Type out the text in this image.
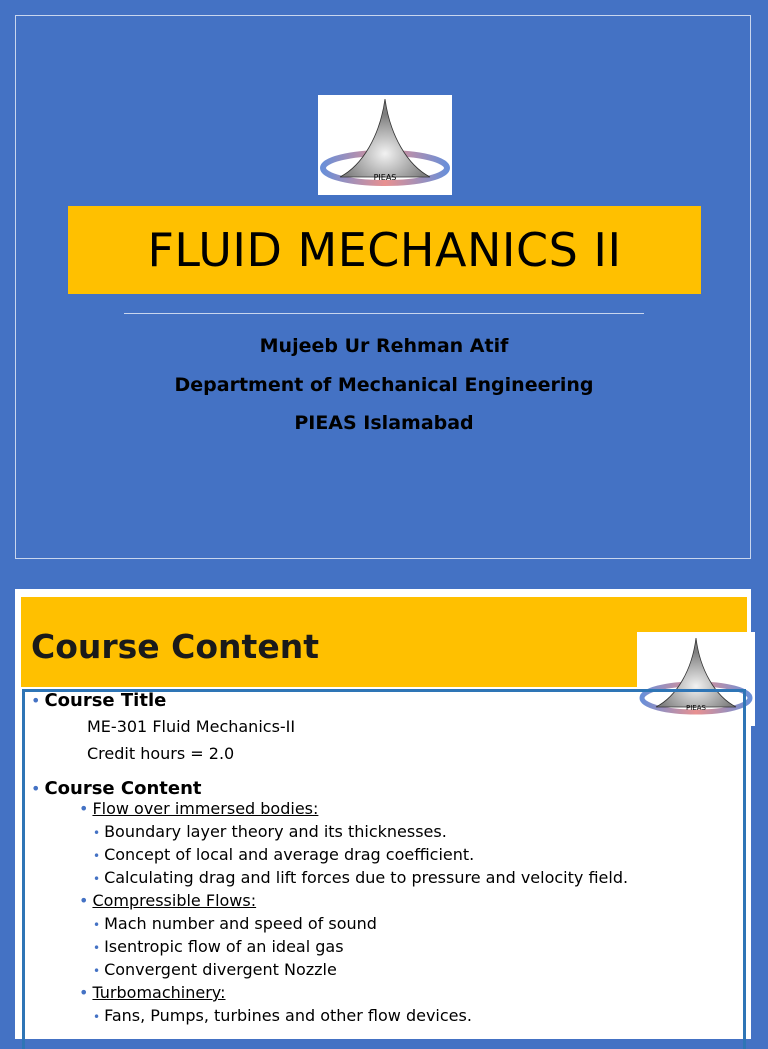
PIEAS
FLUID MECHANICS II
Mujeeb Ur Rehman Atif
Department of Mechanical Engineering
PIEAS Islamabad
Course Content
PIEAS
• Course Title
ME-301 Fluid Mechanics-II
Credit hours = 2.0
• Course Content
• Flow over immersed bodies:
• Boundary layer theory and its thicknesses.
• Concept of local and average drag coefficient.
• Calculating drag and lift forces due to pressure and velocity field.
• Compressible Flows:
• Mach number and speed of sound
• Isentropic flow of an ideal gas
• Convergent divergent Nozzle
• Turbomachinery:
• Fans, Pumps, turbines and other flow devices.
